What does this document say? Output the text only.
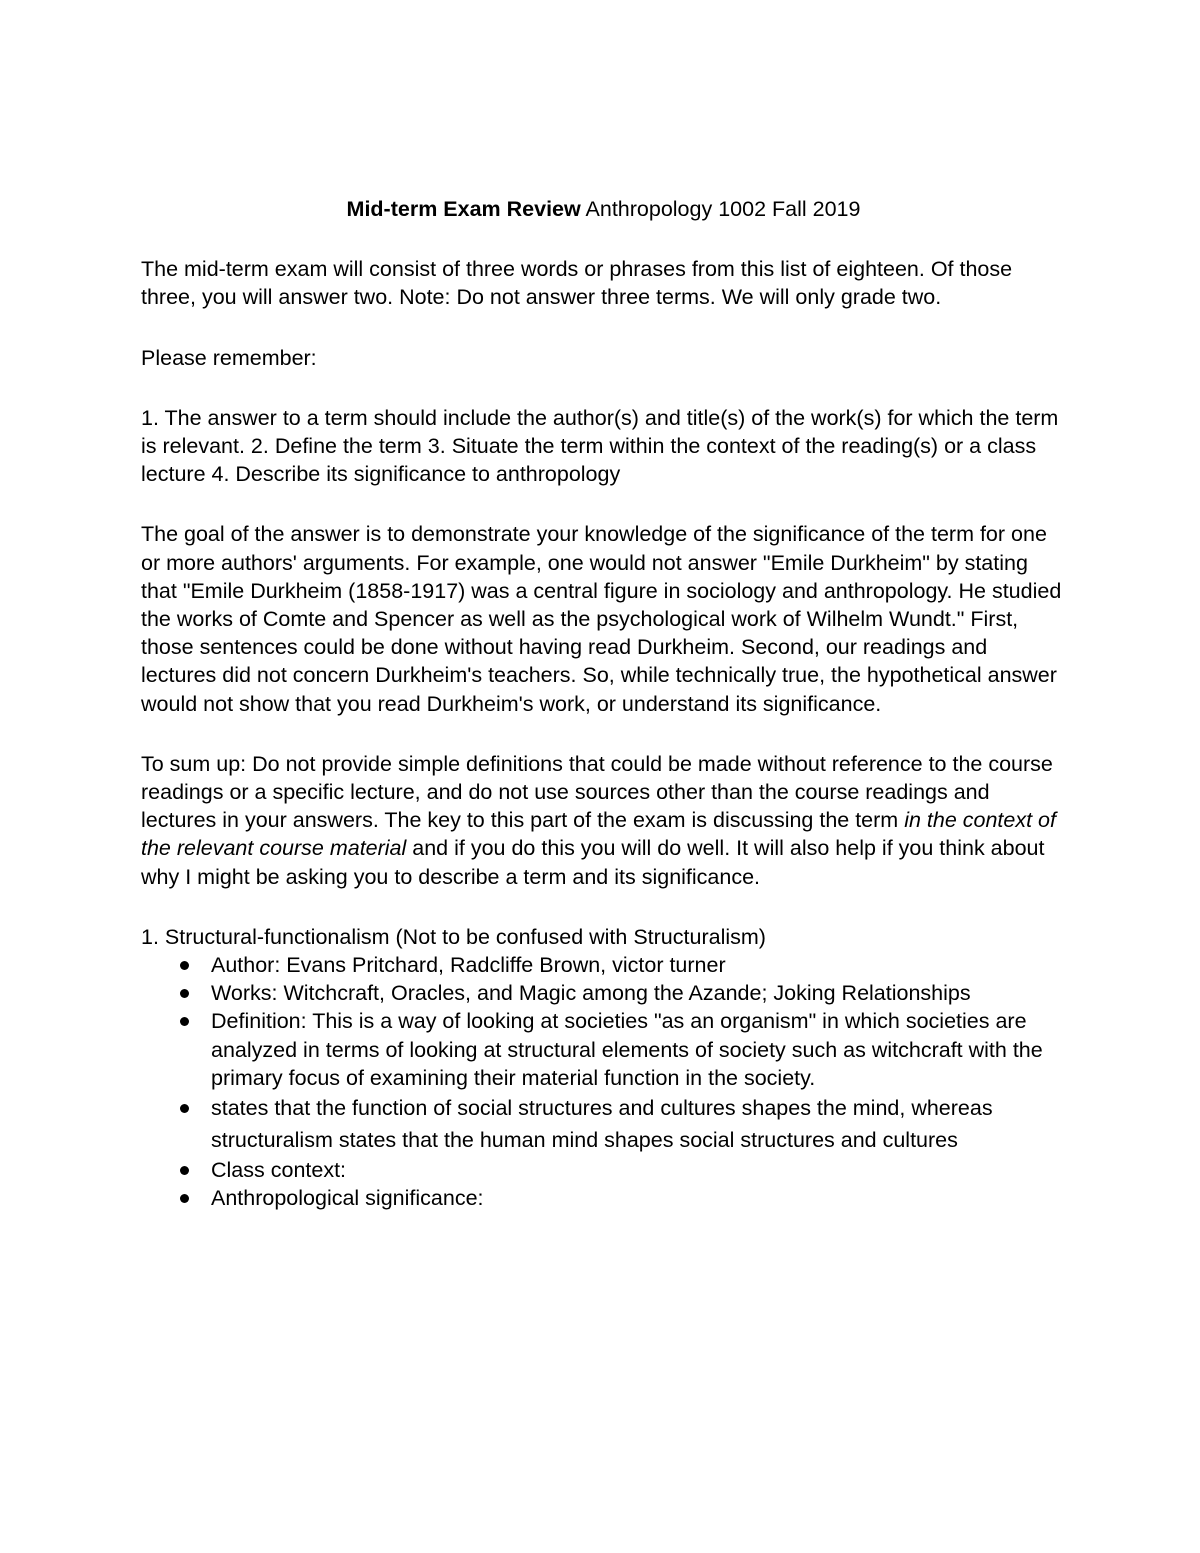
Mid-term Exam Review Anthropology 1002 Fall 2019

The mid-term exam will consist of three words or phrases from this list of eighteen. Of those three, you will answer two. Note: Do not answer three terms. We will only grade two.

Please remember:

1. The answer to a term should include the author(s) and title(s) of the work(s) for which the term is relevant. 2. Define the term 3. Situate the term within the context of the reading(s) or a class lecture 4. Describe its significance to anthropology

The goal of the answer is to demonstrate your knowledge of the significance of the term for one or more authors' arguments. For example, one would not answer "Emile Durkheim" by stating that "Emile Durkheim (1858-1917) was a central figure in sociology and anthropology. He studied the works of Comte and Spencer as well as the psychological work of Wilhelm Wundt." First, those sentences could be done without having read Durkheim. Second, our readings and lectures did not concern Durkheim's teachers. So, while technically true, the hypothetical answer would not show that you read Durkheim's work, or understand its significance.

To sum up: Do not provide simple definitions that could be made without reference to the course readings or a specific lecture, and do not use sources other than the course readings and lectures in your answers. The key to this part of the exam is discussing the term in the context of the relevant course material and if you do this you will do well. It will also help if you think about why I might be asking you to describe a term and its significance.

1. Structural-functionalism (Not to be confused with Structuralism)
Author: Evans Pritchard, Radcliffe Brown, victor turner
Works: Witchcraft, Oracles, and Magic among the Azande; Joking Relationships
Definition: This is a way of looking at societies "as an organism" in which societies are analyzed in terms of looking at structural elements of society such as witchcraft with the primary focus of examining their material function in the society.
states that the function of social structures and cultures shapes the mind, whereas structuralism states that the human mind shapes social structures and cultures
Class context:
Anthropological significance:
